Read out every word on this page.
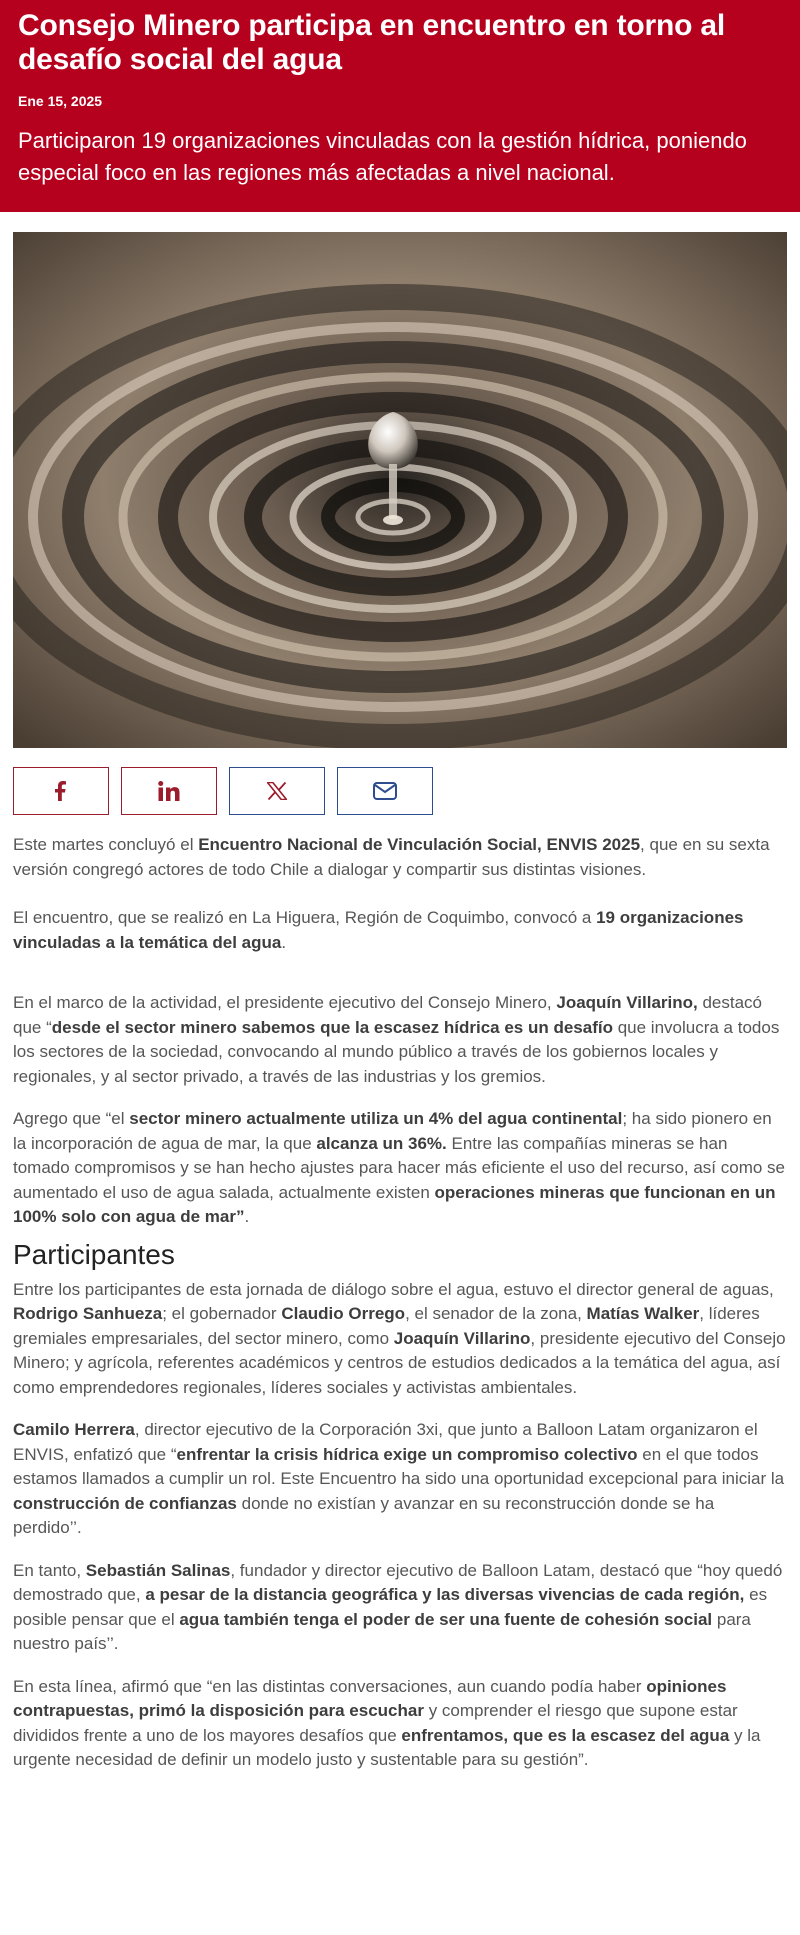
Consejo Minero participa en encuentro en torno al desafío social del agua
Ene 15, 2025
Participaron 19 organizaciones vinculadas con la gestión hídrica, poniendo especial foco en las regiones más afectadas a nivel nacional.

Este martes concluyó el Encuentro Nacional de Vinculación Social, ENVIS 2025, que en su sexta versión congregó actores de todo Chile a dialogar y compartir sus distintas visiones.

El encuentro, que se realizó en La Higuera, Región de Coquimbo, convocó a 19 organizaciones vinculadas a la temática del agua.

En el marco de la actividad, el presidente ejecutivo del Consejo Minero, Joaquín Villarino, destacó que “desde el sector minero sabemos que la escasez hídrica es un desafío que involucra a todos los sectores de la sociedad, convocando al mundo público a través de los gobiernos locales y regionales, y al sector privado, a través de las industrias y los gremios.

Agrego que “el sector minero actualmente utiliza un 4% del agua continental; ha sido pionero en la incorporación de agua de mar, la que alcanza un 36%. Entre las compañías mineras se han tomado compromisos y se han hecho ajustes para hacer más eficiente el uso del recurso, así como se aumentado el uso de agua salada, actualmente existen operaciones mineras que funcionan en un 100% solo con agua de mar”.

Participantes

Entre los participantes de esta jornada de diálogo sobre el agua, estuvo el director general de aguas, Rodrigo Sanhueza; el gobernador Claudio Orrego, el senador de la zona, Matías Walker, líderes gremiales empresariales, del sector minero, como Joaquín Villarino, presidente ejecutivo del Consejo Minero; y agrícola, referentes académicos y centros de estudios dedicados a la temática del agua, así como emprendedores regionales, líderes sociales y activistas ambientales.

Camilo Herrera, director ejecutivo de la Corporación 3xi, que junto a Balloon Latam organizaron el ENVIS, enfatizó que “enfrentar la crisis hídrica exige un compromiso colectivo en el que todos estamos llamados a cumplir un rol. Este Encuentro ha sido una oportunidad excepcional para iniciar la construcción de confianzas donde no existían y avanzar en su reconstrucción donde se ha perdido’’.

En tanto, Sebastián Salinas, fundador y director ejecutivo de Balloon Latam, destacó que “hoy quedó demostrado que, a pesar de la distancia geográfica y las diversas vivencias de cada región, es posible pensar que el agua también tenga el poder de ser una fuente de cohesión social para nuestro país’’.

En esta línea, afirmó que “en las distintas conversaciones, aun cuando podía haber opiniones contrapuestas, primó la disposición para escuchar y comprender el riesgo que supone estar divididos frente a uno de los mayores desafíos que enfrentamos, que es la escasez del agua y la urgente necesidad de definir un modelo justo y sustentable para su gestión”.
